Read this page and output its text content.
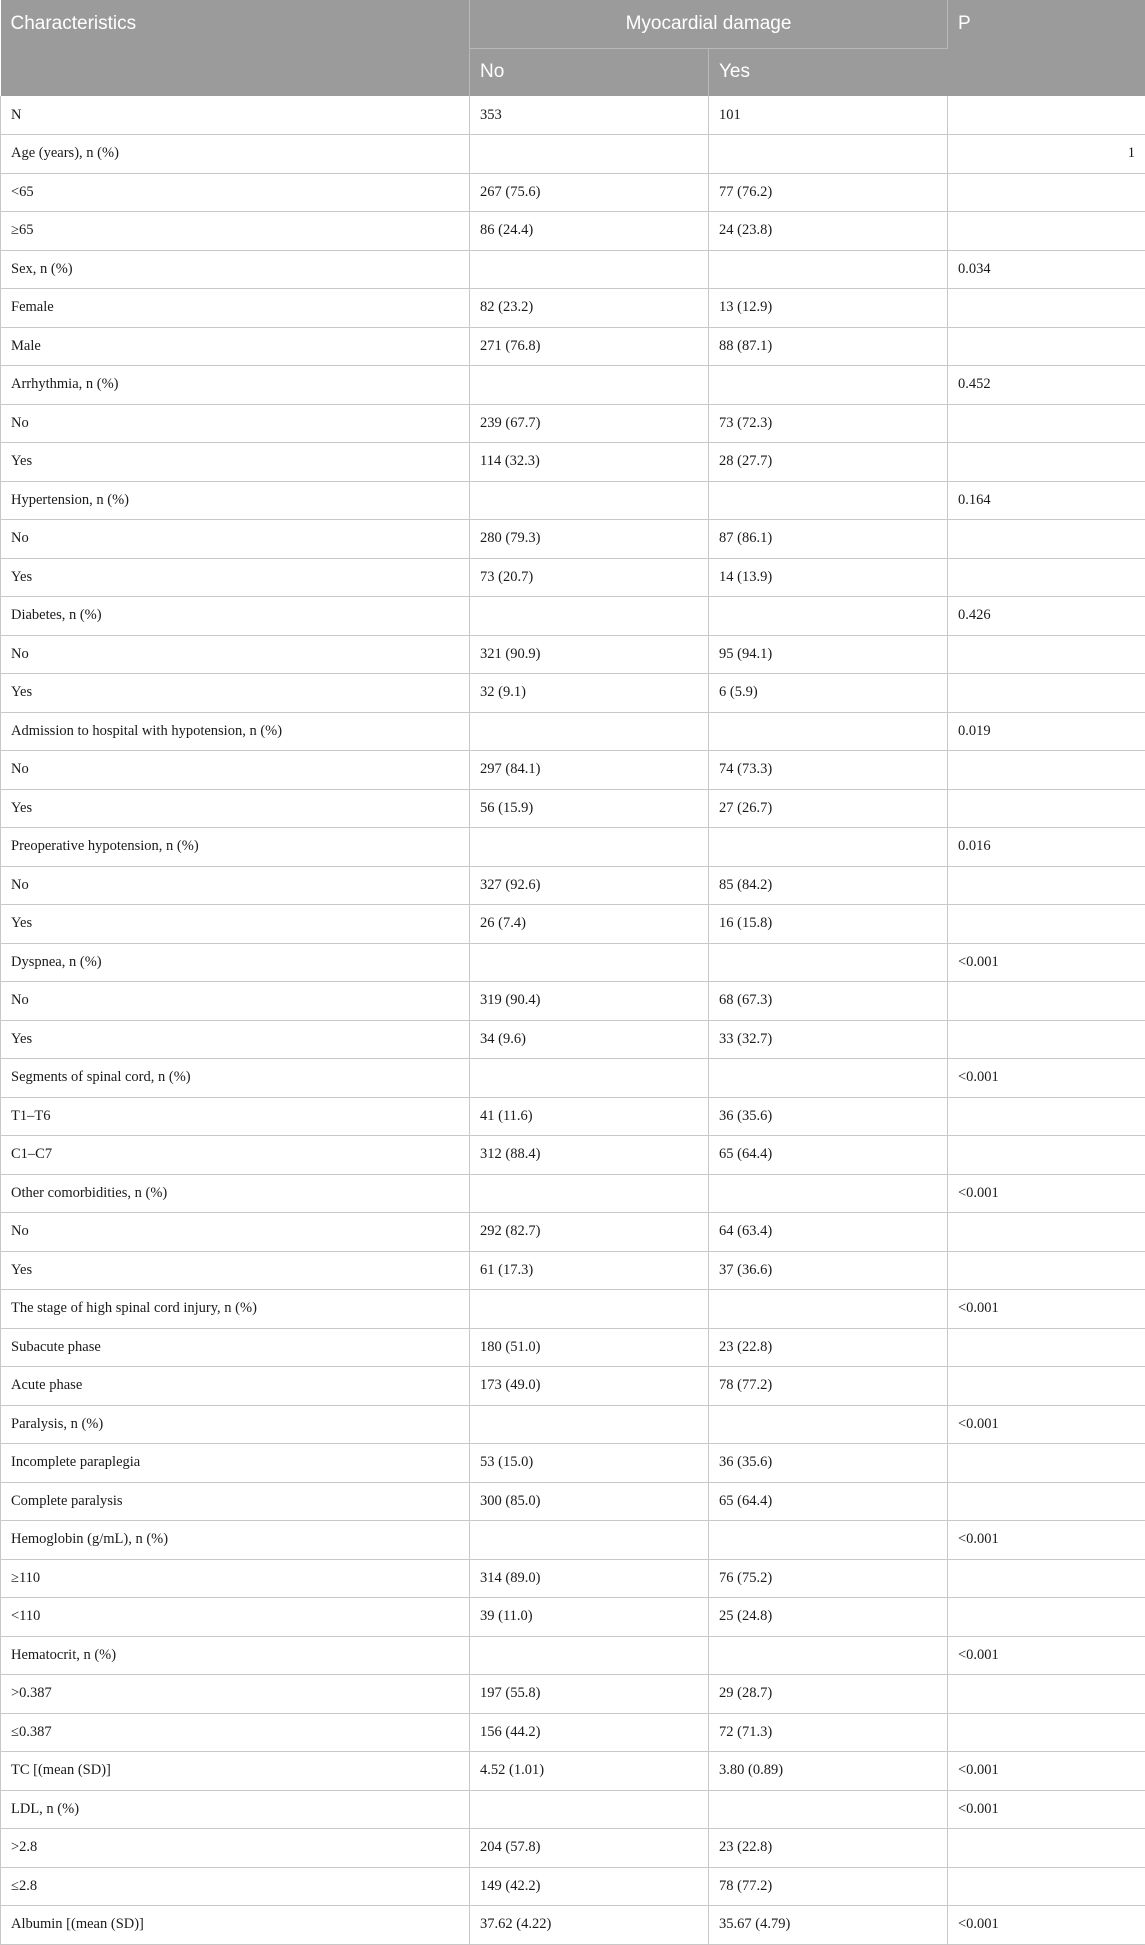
Characteristics	Myocardial damage		P
	No	Yes	
N	353	101	
Age (years), n (%)			1
<65	267 (75.6)	77 (76.2)	
≥65	86 (24.4)	24 (23.8)	
Sex, n (%)			0.034
Female	82 (23.2)	13 (12.9)	
Male	271 (76.8)	88 (87.1)	
Arrhythmia, n (%)			0.452
No	239 (67.7)	73 (72.3)	
Yes	114 (32.3)	28 (27.7)	
Hypertension, n (%)			0.164
No	280 (79.3)	87 (86.1)	
Yes	73 (20.7)	14 (13.9)	
Diabetes, n (%)			0.426
No	321 (90.9)	95 (94.1)	
Yes	32 (9.1)	6 (5.9)	
Admission to hospital with hypotension, n (%)			0.019
No	297 (84.1)	74 (73.3)	
Yes	56 (15.9)	27 (26.7)	
Preoperative hypotension, n (%)			0.016
No	327 (92.6)	85 (84.2)	
Yes	26 (7.4)	16 (15.8)	
Dyspnea, n (%)			<0.001
No	319 (90.4)	68 (67.3)	
Yes	34 (9.6)	33 (32.7)	
Segments of spinal cord, n (%)			<0.001
T1–T6	41 (11.6)	36 (35.6)	
C1–C7	312 (88.4)	65 (64.4)	
Other comorbidities, n (%)			<0.001
No	292 (82.7)	64 (63.4)	
Yes	61 (17.3)	37 (36.6)	
The stage of high spinal cord injury, n (%)			<0.001
Subacute phase	180 (51.0)	23 (22.8)	
Acute phase	173 (49.0)	78 (77.2)	
Paralysis, n (%)			<0.001
Incomplete paraplegia	53 (15.0)	36 (35.6)	
Complete paralysis	300 (85.0)	65 (64.4)	
Hemoglobin (g/mL), n (%)			<0.001
≥110	314 (89.0)	76 (75.2)	
<110	39 (11.0)	25 (24.8)	
Hematocrit, n (%)			<0.001
>0.387	197 (55.8)	29 (28.7)	
≤0.387	156 (44.2)	72 (71.3)	
TC [(mean (SD)]	4.52 (1.01)	3.80 (0.89)	<0.001
LDL, n (%)			<0.001
>2.8	204 (57.8)	23 (22.8)	
≤2.8	149 (42.2)	78 (77.2)	
Albumin [(mean (SD)]	37.62 (4.22)	35.67 (4.79)	<0.001
